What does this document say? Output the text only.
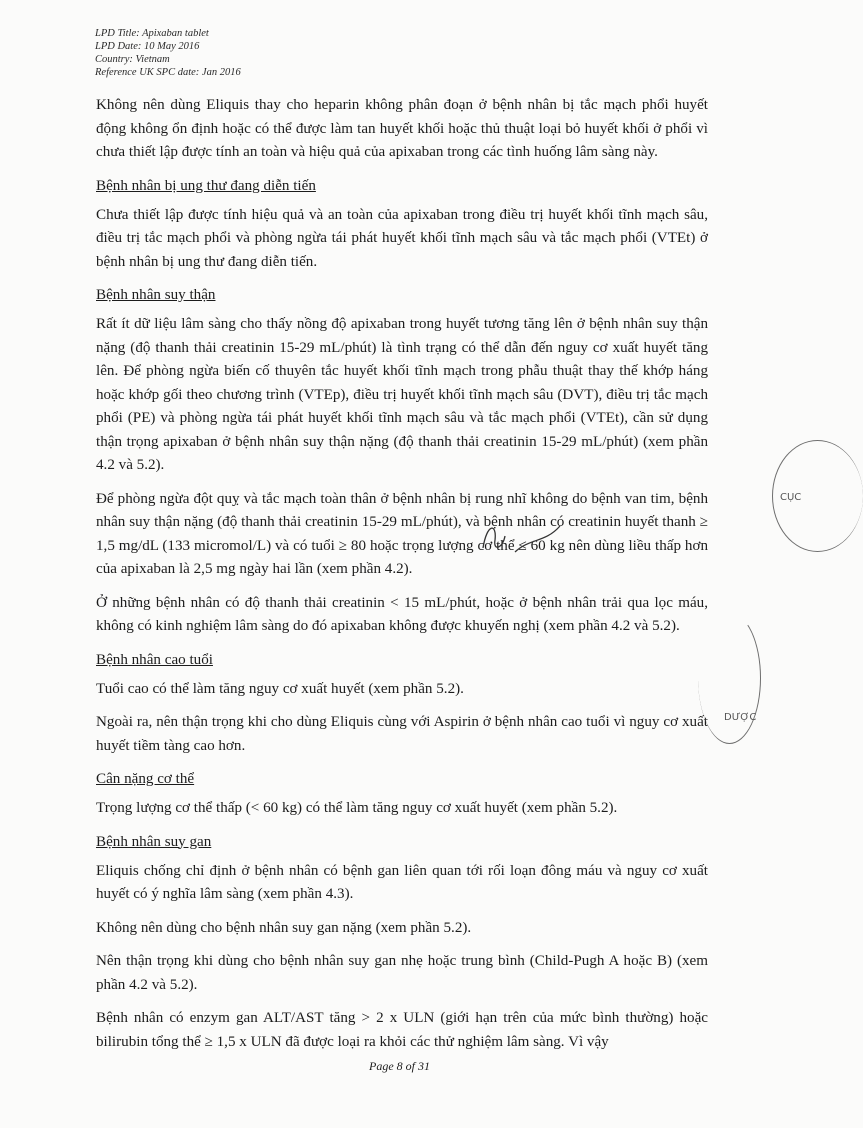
LPD Title: Apixaban tablet
LPD Date: 10 May 2016
Country: Vietnam
Reference UK SPC date: Jan 2016

Không nên dùng Eliquis thay cho heparin không phân đoạn ở bệnh nhân bị tắc mạch phổi huyết động không ổn định hoặc có thể được làm tan huyết khối hoặc thủ thuật loại bỏ huyết khối ở phổi vì chưa thiết lập được tính an toàn và hiệu quả của apixaban trong các tình huống lâm sàng này.

Bệnh nhân bị ung thư đang diễn tiến

Chưa thiết lập được tính hiệu quả và an toàn của apixaban trong điều trị huyết khối tĩnh mạch sâu, điều trị tắc mạch phổi và phòng ngừa tái phát huyết khối tĩnh mạch sâu và tắc mạch phổi (VTEt) ở bệnh nhân bị ung thư đang diễn tiến.

Bệnh nhân suy thận

Rất ít dữ liệu lâm sàng cho thấy nồng độ apixaban trong huyết tương tăng lên ở bệnh nhân suy thận nặng (độ thanh thải creatinin 15-29 mL/phút) là tình trạng có thể dẫn đến nguy cơ xuất huyết tăng lên. Để phòng ngừa biến cố thuyên tắc huyết khối tĩnh mạch trong phẫu thuật thay thế khớp háng hoặc khớp gối theo chương trình (VTEp), điều trị huyết khối tĩnh mạch sâu (DVT), điều trị tắc mạch phổi (PE) và phòng ngừa tái phát huyết khối tĩnh mạch sâu và tắc mạch phổi (VTEt), cần sử dụng thận trọng apixaban ở bệnh nhân suy thận nặng (độ thanh thải creatinin 15-29 mL/phút) (xem phần 4.2 và 5.2).

Để phòng ngừa đột quỵ và tắc mạch toàn thân ở bệnh nhân bị rung nhĩ không do bệnh van tim, bệnh nhân suy thận nặng (độ thanh thải creatinin 15-29 mL/phút), và bệnh nhân có creatinin huyết thanh ≥ 1,5 mg/dL (133 micromol/L) và có tuổi ≥ 80 hoặc trọng lượng cơ thể ≤ 60 kg nên dùng liều thấp hơn của apixaban là 2,5 mg ngày hai lần (xem phần 4.2).

Ở những bệnh nhân có độ thanh thải creatinin < 15 mL/phút, hoặc ở bệnh nhân trải qua lọc máu, không có kinh nghiệm lâm sàng do đó apixaban không được khuyến nghị (xem phần 4.2 và 5.2).

Bệnh nhân cao tuổi

Tuổi cao có thể làm tăng nguy cơ xuất huyết (xem phần 5.2).

Ngoài ra, nên thận trọng khi cho dùng Eliquis cùng với Aspirin ở bệnh nhân cao tuổi vì nguy cơ xuất huyết tiềm tàng cao hơn.

Cân nặng cơ thể

Trọng lượng cơ thể thấp (< 60 kg) có thể làm tăng nguy cơ xuất huyết (xem phần 5.2).

Bệnh nhân suy gan

Eliquis chống chỉ định ở bệnh nhân có bệnh gan liên quan tới rối loạn đông máu và nguy cơ xuất huyết có ý nghĩa lâm sàng (xem phần 4.3).

Không nên dùng cho bệnh nhân suy gan nặng (xem phần 5.2).

Nên thận trọng khi dùng cho bệnh nhân suy gan nhẹ hoặc trung bình (Child-Pugh A hoặc B) (xem phần 4.2 và 5.2).

Bệnh nhân có enzym gan ALT/AST tăng > 2 x ULN (giới hạn trên của mức bình thường) hoặc bilirubin tổng thể ≥ 1,5 x ULN đã được loại ra khỏi các thử nghiệm lâm sàng. Vì vậy

CỤC
DƯỢC
Page 8 of 31
